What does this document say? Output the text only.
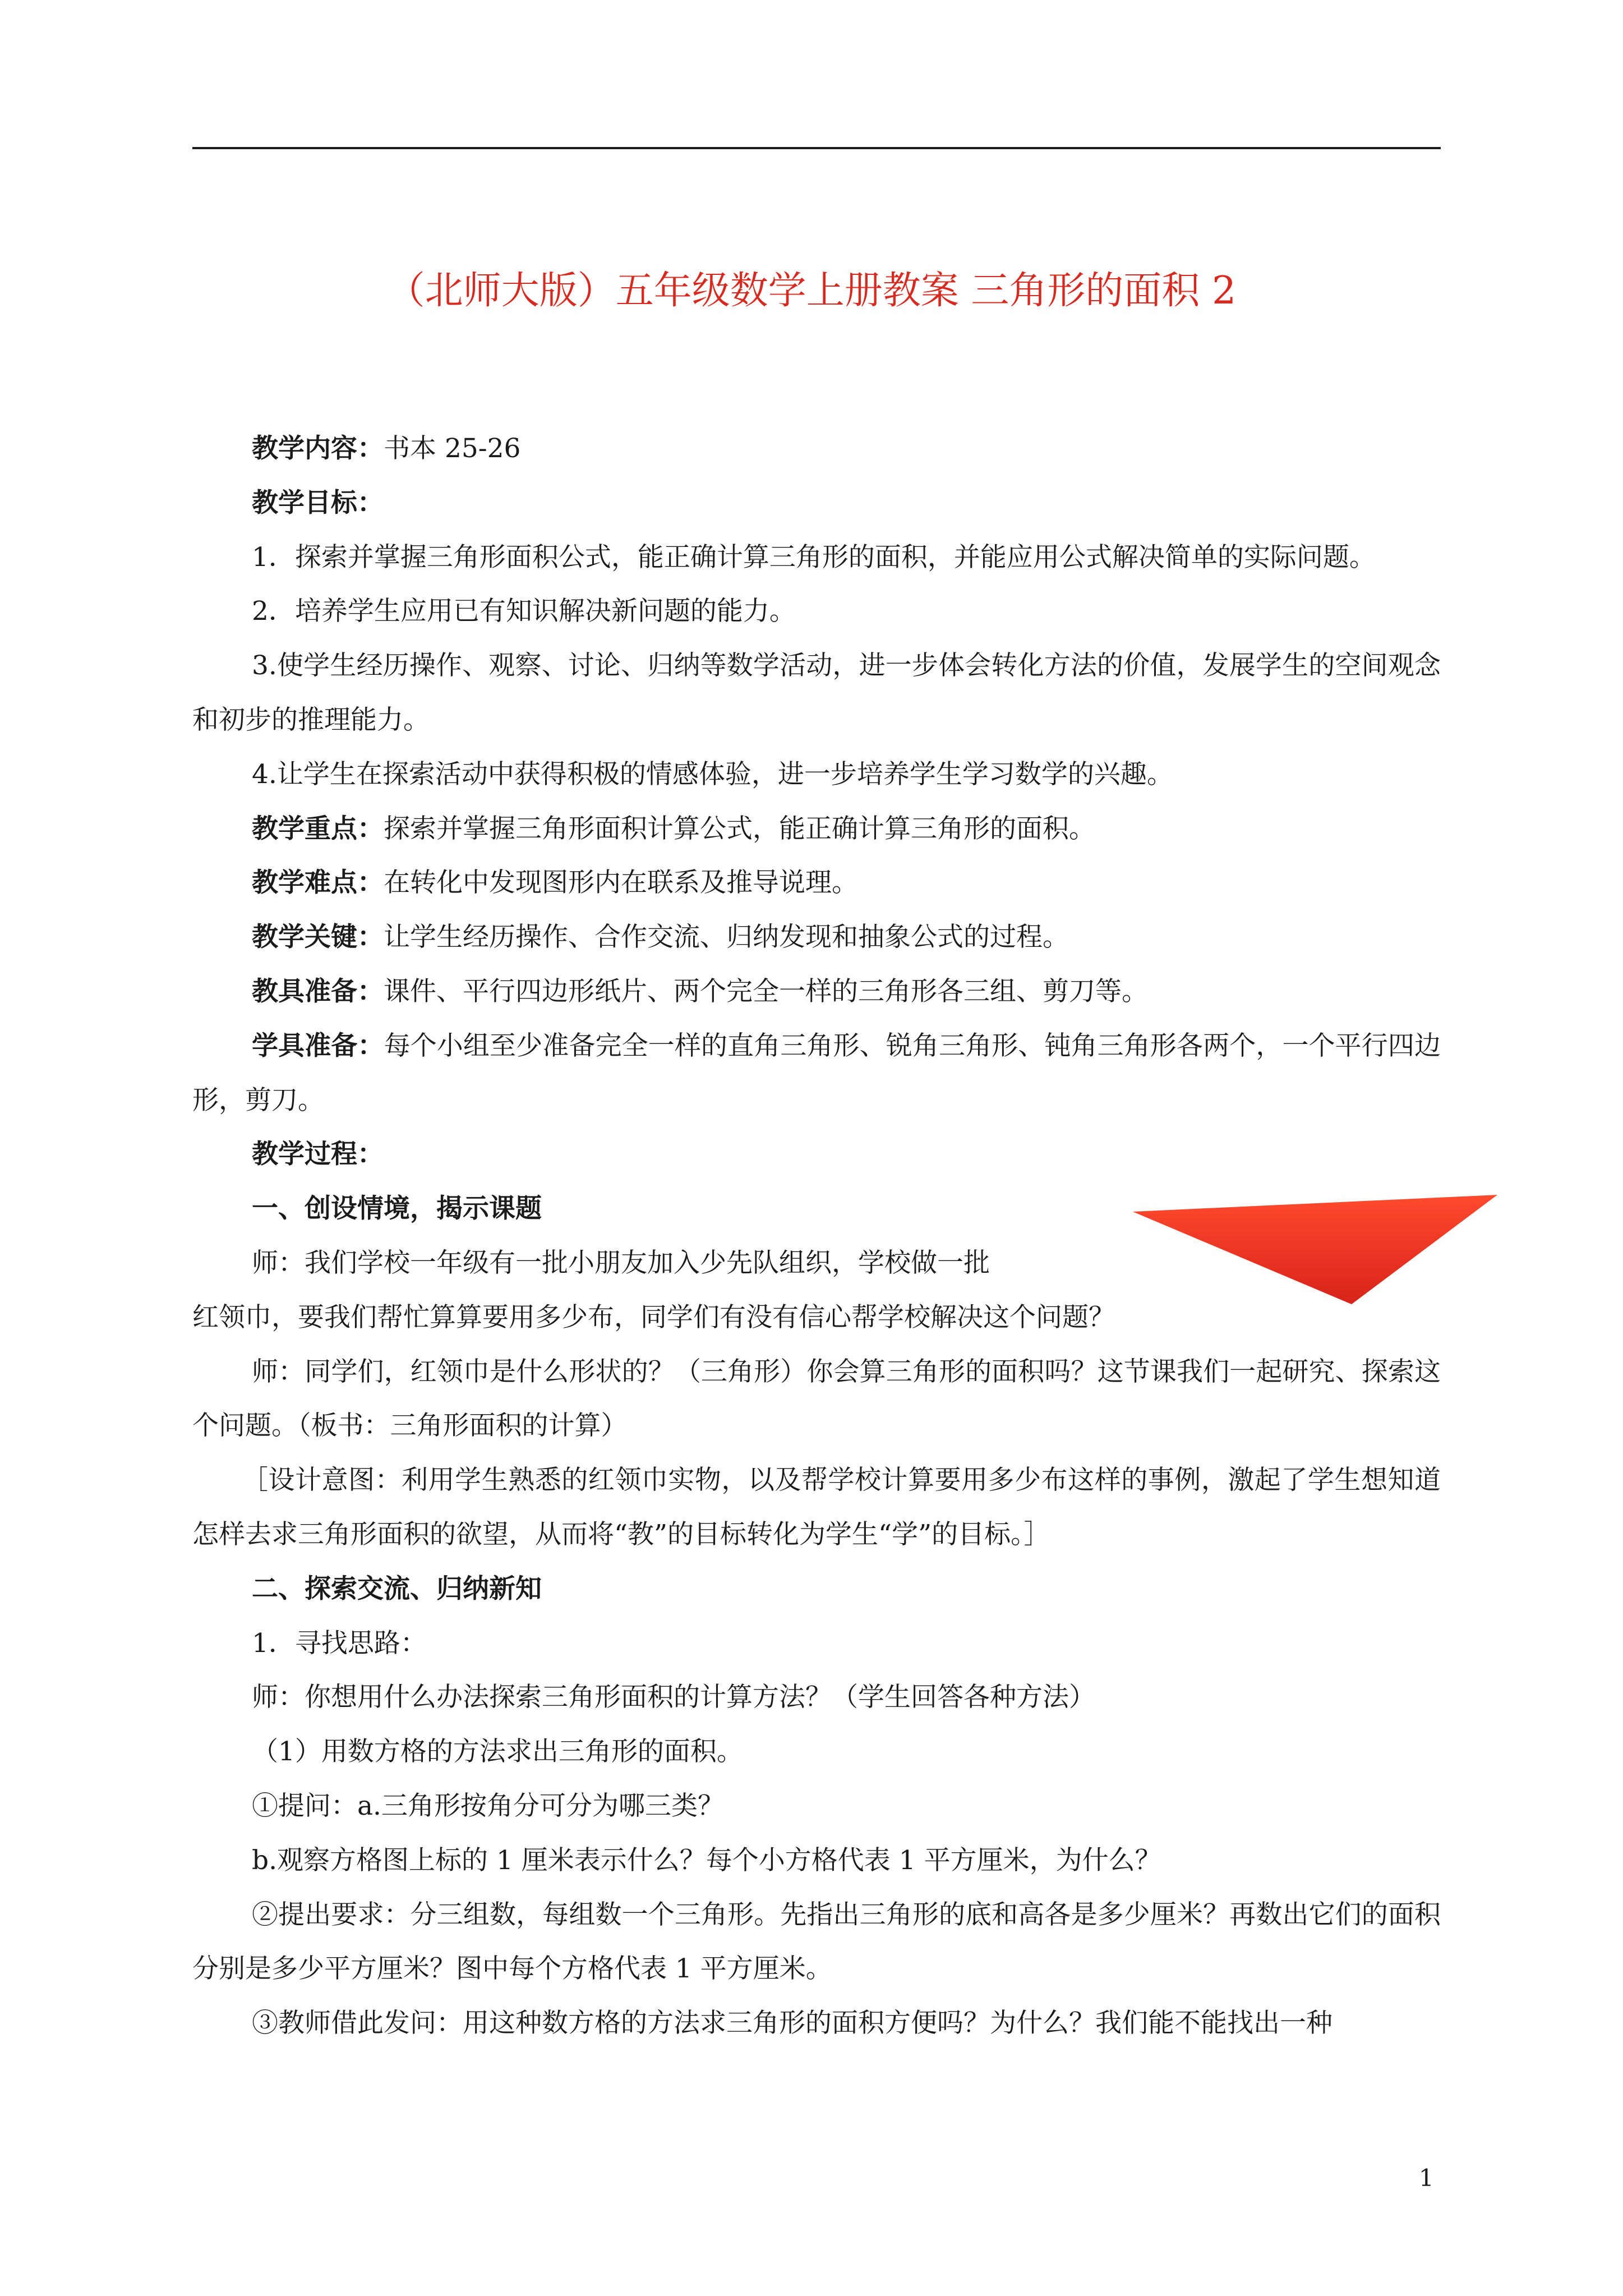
（北师大版）五年级数学上册教案 三角形的面积 2

教学内容：书本 25-26

教学目标：

1．探索并掌握三角形面积公式，能正确计算三角形的面积，并能应用公式解决简单的实际问题。

2．培养学生应用已有知识解决新问题的能力。

3.使学生经历操作、观察、讨论、归纳等数学活动，进一步体会转化方法的价值，发展学生的空间观念和初步的推理能力。

4.让学生在探索活动中获得积极的情感体验，进一步培养学生学习数学的兴趣。

教学重点：探索并掌握三角形面积计算公式，能正确计算三角形的面积。

教学难点：在转化中发现图形内在联系及推导说理。

教学关键：让学生经历操作、合作交流、归纳发现和抽象公式的过程。

教具准备：课件、平行四边形纸片、两个完全一样的三角形各三组、剪刀等。

学具准备：每个小组至少准备完全一样的直角三角形、锐角三角形、钝角三角形各两个，一个平行四边形，剪刀。

教学过程：

一、创设情境，揭示课题

师：我们学校一年级有一批小朋友加入少先队组织，学校做一批

红领巾，要我们帮忙算算要用多少布，同学们有没有信心帮学校解决这个问题？

师：同学们，红领巾是什么形状的？（三角形）你会算三角形的面积吗？这节课我们一起研究、探索这个问题。（板书：三角形面积的计算）

［设计意图：利用学生熟悉的红领巾实物，以及帮学校计算要用多少布这样的事例，激起了学生想知道怎样去求三角形面积的欲望，从而将“教”的目标转化为学生“学”的目标。］

二、探索交流、归纳新知

1．寻找思路：

师：你想用什么办法探索三角形面积的计算方法？（学生回答各种方法）

（1）用数方格的方法求出三角形的面积。

①提问：a.三角形按角分可分为哪三类？

b.观察方格图上标的 1 厘米表示什么？每个小方格代表 1 平方厘米，为什么？

②提出要求：分三组数，每组数一个三角形。先指出三角形的底和高各是多少厘米？再数出它们的面积分别是多少平方厘米？图中每个方格代表 1 平方厘米。

③教师借此发问：用这种数方格的方法求三角形的面积方便吗？为什么？我们能不能找出一种

1
